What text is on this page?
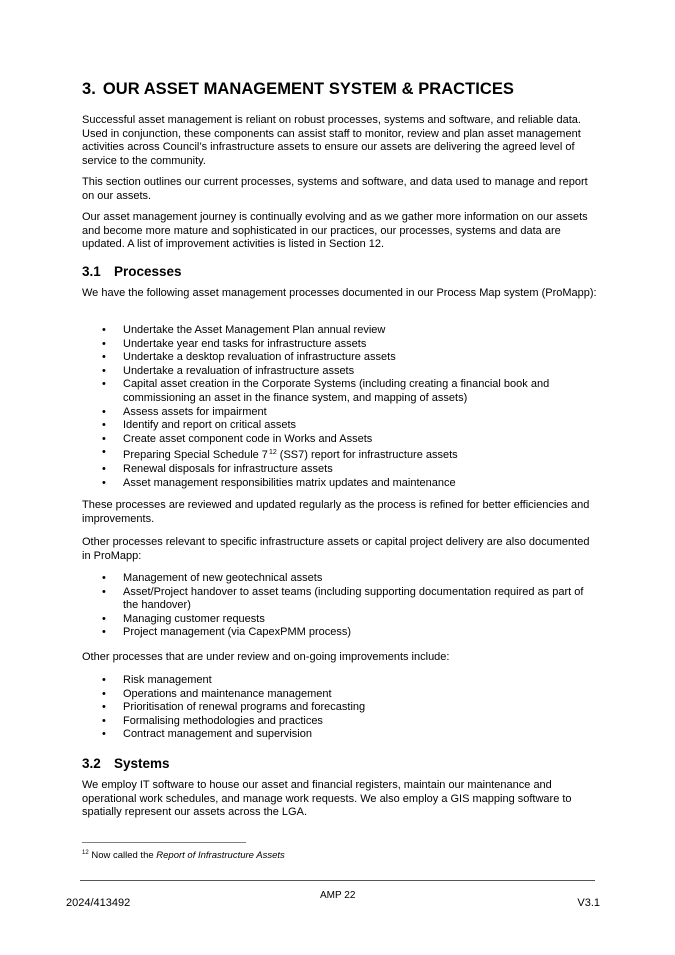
3. OUR ASSET MANAGEMENT SYSTEM & PRACTICES

Successful asset management is reliant on robust processes, systems and software, and reliable data. Used in conjunction, these components can assist staff to monitor, review and plan asset management activities across Council’s infrastructure assets to ensure our assets are delivering the agreed level of service to the community.

This section outlines our current processes, systems and software, and data used to manage and report on our assets.

Our asset management journey is continually evolving and as we gather more information on our assets and become more mature and sophisticated in our practices, our processes, systems and data are updated. A list of improvement activities is listed in Section 12.

3.1 Processes

We have the following asset management processes documented in our Process Map system (ProMapp):

• Undertake the Asset Management Plan annual review
• Undertake year end tasks for infrastructure assets
• Undertake a desktop revaluation of infrastructure assets
• Undertake a revaluation of infrastructure assets
• Capital asset creation in the Corporate Systems (including creating a financial book and commissioning an asset in the finance system, and mapping of assets)
• Assess assets for impairment
• Identify and report on critical assets
• Create asset component code in Works and Assets
• Preparing Special Schedule 7$^{12}$ (SS7) report for infrastructure assets
• Renewal disposals for infrastructure assets
• Asset management responsibilities matrix updates and maintenance

These processes are reviewed and updated regularly as the process is refined for better efficiencies and improvements.

Other processes relevant to specific infrastructure assets or capital project delivery are also documented in ProMapp:

• Management of new geotechnical assets
• Asset/Project handover to asset teams (including supporting documentation required as part of the handover)
• Managing customer requests
• Project management (via CapexPMM process)

Other processes that are under review and on-going improvements include:

• Risk management
• Operations and maintenance management
• Prioritisation of renewal programs and forecasting
• Formalising methodologies and practices
• Contract management and supervision
3.2 Systems

We employ IT software to house our asset and financial registers, maintain our maintenance and operational work schedules, and manage work requests. We also employ a GIS mapping software to spatially represent our assets across the LGA.

$^{12}$ Now called the Report of Infrastructure Assets
2024/413492
AMP 22
V3.1
